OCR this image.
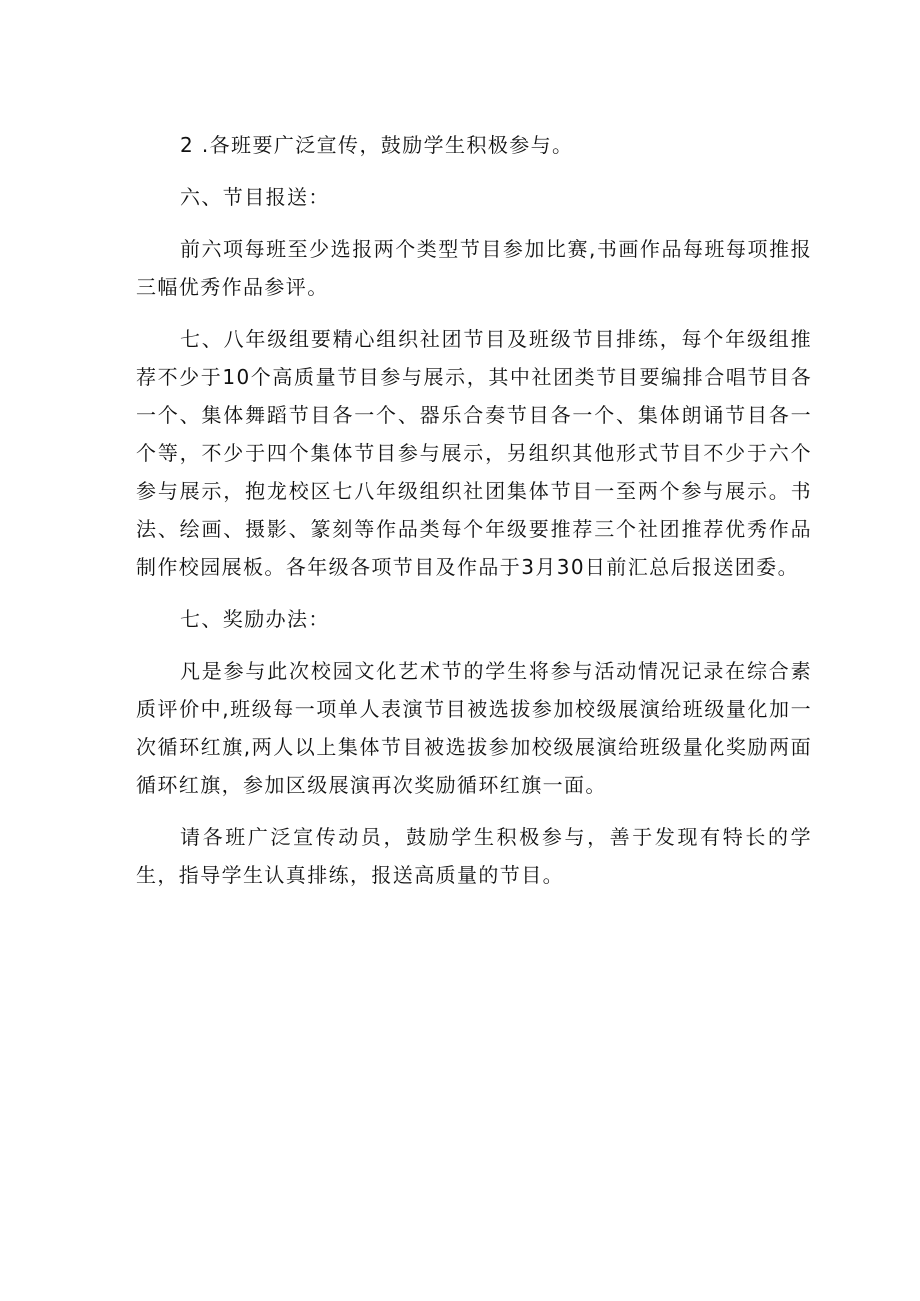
2 .各班要广泛宣传，鼓励学生积极参与。

六、节目报送：

前六项每班至少选报两个类型节目参加比赛,书画作品每班每项推报三幅优秀作品参评。

七、八年级组要精心组织社团节目及班级节目排练，每个年级组推荐不少于10个高质量节目参与展示，其中社团类节目要编排合唱节目各一个、集体舞蹈节目各一个、器乐合奏节目各一个、集体朗诵节目各一个等，不少于四个集体节目参与展示，另组织其他形式节目不少于六个参与展示，抱龙校区七八年级组织社团集体节目一至两个参与展示。书法、绘画、摄影、篆刻等作品类每个年级要推荐三个社团推荐优秀作品制作校园展板。各年级各项节目及作品于3月30日前汇总后报送团委。

七、奖励办法：

凡是参与此次校园文化艺术节的学生将参与活动情况记录在综合素质评价中,班级每一项单人表演节目被选拔参加校级展演给班级量化加一次循环红旗,两人以上集体节目被选拔参加校级展演给班级量化奖励两面循环红旗，参加区级展演再次奖励循环红旗一面。

请各班广泛宣传动员，鼓励学生积极参与，善于发现有特长的学生，指导学生认真排练，报送高质量的节目。
